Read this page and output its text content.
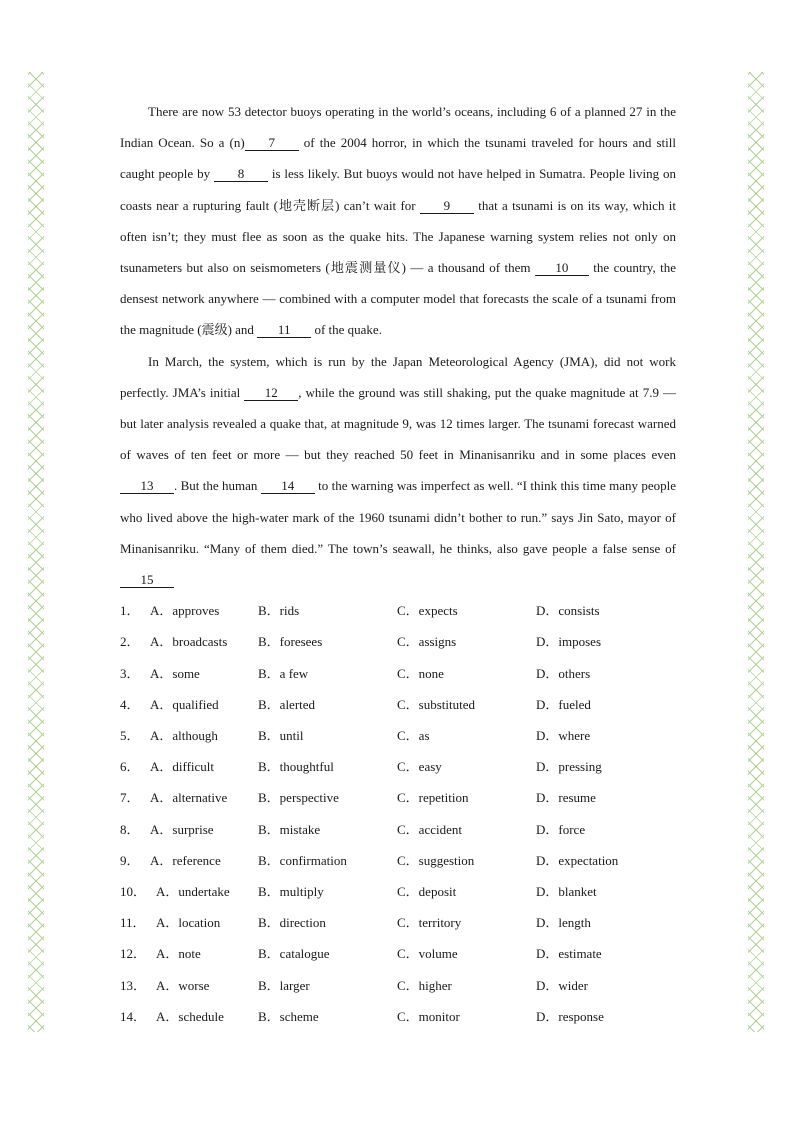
There are now 53 detector buoys operating in the world’s oceans, including 6 of a planned 27 in the Indian Ocean. So a (n) 7 of the 2004 horror, in which the tsunami traveled for hours and still caught people by 8 is less likely. But buoys would not have helped in Sumatra. People living on coasts near a rupturing fault (地壳断层) can’t wait for 9 that a tsunami is on its way, which it often isn’t; they must flee as soon as the quake hits. The Japanese warning system relies not only on tsunameters but also on seismometers (地震测量仪) — a thousand of them 10 the country, the densest network anywhere — combined with a computer model that forecasts the scale of a tsunami from the magnitude (震级) and 11 of the quake.

In March, the system, which is run by the Japan Meteorological Agency (JMA), did not work perfectly. JMA’s initial 12 , while the ground was still shaking, put the quake magnitude at 7.9 — but later analysis revealed a quake that, at magnitude 9, was 12 times larger. The tsunami forecast warned of waves of ten feet or more — but they reached 50 feet in Minanisanriku and in some places even 13 . But the human 14 to the warning was imperfect as well. “I think this time many people who lived above the high-water mark of the 1960 tsunami didn’t bother to run.” says Jin Sato, mayor of Minanisanriku. “Many of them died.” The town’s seawall, he thinks, also gave people a false sense of 15

1． A．approves	B．rids	C．expects	D．consists
2． A．broadcasts B．foresees	C．assigns	D．imposes
3． A．some	B．a few	C．none	D．others
4． A．qualified	B．alerted	C．substituted	D．fueled
5． A．although	B．until	C．as	D．where
6． A．difficult	B．thoughtful	C．easy	D．pressing
7． A．alternative B．perspective	C．repetition	D．resume
8． A．surprise	B．mistake	C．accident	D．force
9． A．reference	B．confirmation	C．suggestion	D．expectation
10． A．undertake B．multiply	C．deposit	D．blanket
11． A．location	B．direction	C．territory	D．length
12． A．note	B．catalogue	C．volume	D．estimate
13． A．worse	B．larger	C．higher	D．wider
14． A．schedule	B．scheme	C．monitor	D．response
